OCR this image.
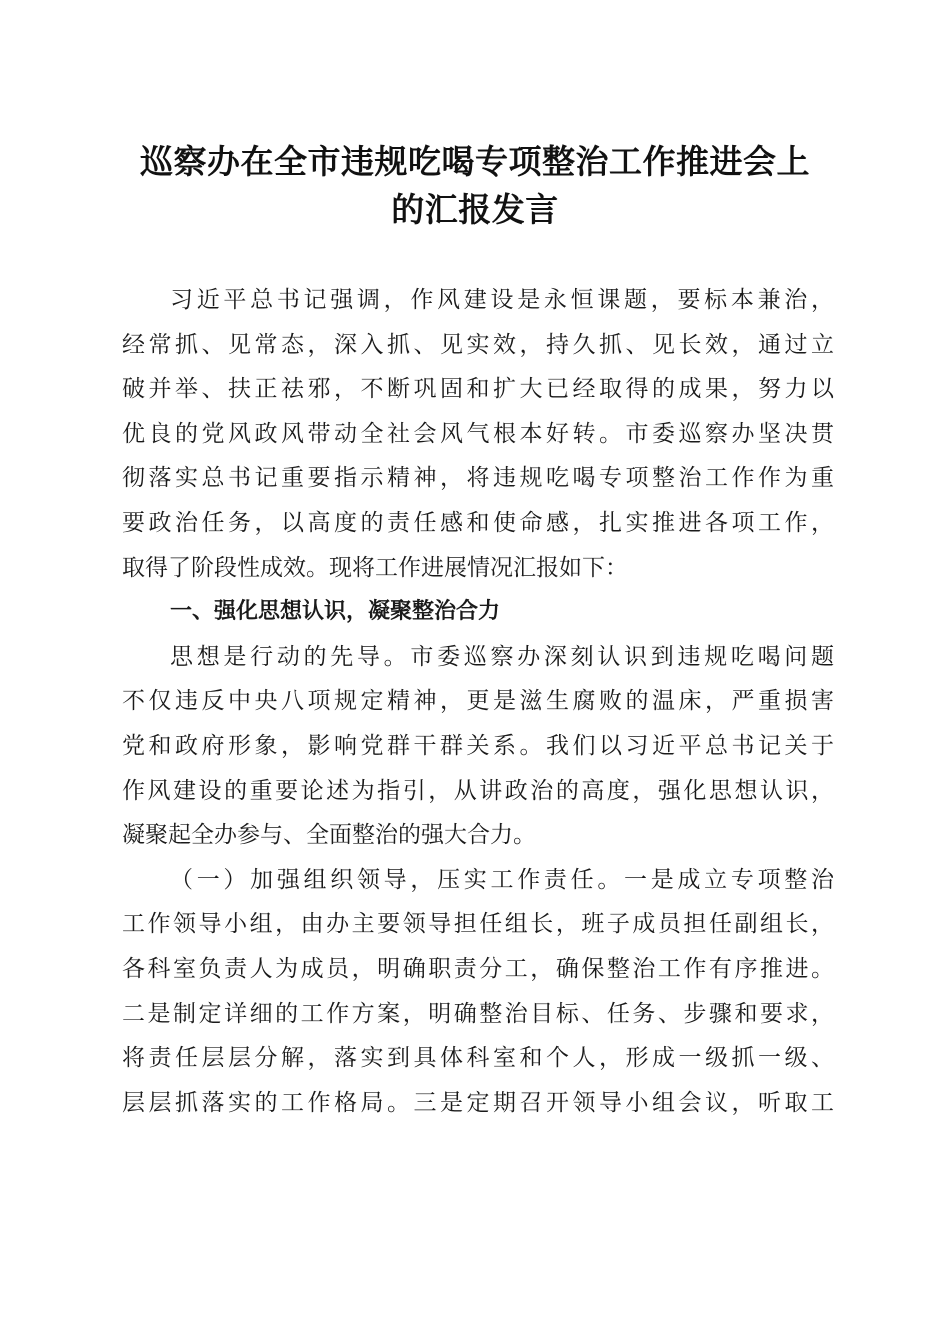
巡察办在全市违规吃喝专项整治工作推进会上
的汇报发言
习近平总书记强调，作风建设是永恒课题，要标本兼治，
经常抓、见常态，深入抓、见实效，持久抓、见长效，通过立
破并举、扶正祛邪，不断巩固和扩大已经取得的成果，努力以
优良的党风政风带动全社会风气根本好转。市委巡察办坚决贯
彻落实总书记重要指示精神，将违规吃喝专项整治工作作为重
要政治任务，以高度的责任感和使命感，扎实推进各项工作，
取得了阶段性成效。现将工作进展情况汇报如下：
一、强化思想认识，凝聚整治合力
思想是行动的先导。市委巡察办深刻认识到违规吃喝问题
不仅违反中央八项规定精神，更是滋生腐败的温床，严重损害
党和政府形象，影响党群干群关系。我们以习近平总书记关于
作风建设的重要论述为指引，从讲政治的高度，强化思想认识，
凝聚起全办参与、全面整治的强大合力。
（一）加强组织领导，压实工作责任。一是成立专项整治
工作领导小组，由办主要领导担任组长，班子成员担任副组长，
各科室负责人为成员，明确职责分工，确保整治工作有序推进。
二是制定详细的工作方案，明确整治目标、任务、步骤和要求，
将责任层层分解，落实到具体科室和个人，形成一级抓一级、
层层抓落实的工作格局。三是定期召开领导小组会议，听取工
